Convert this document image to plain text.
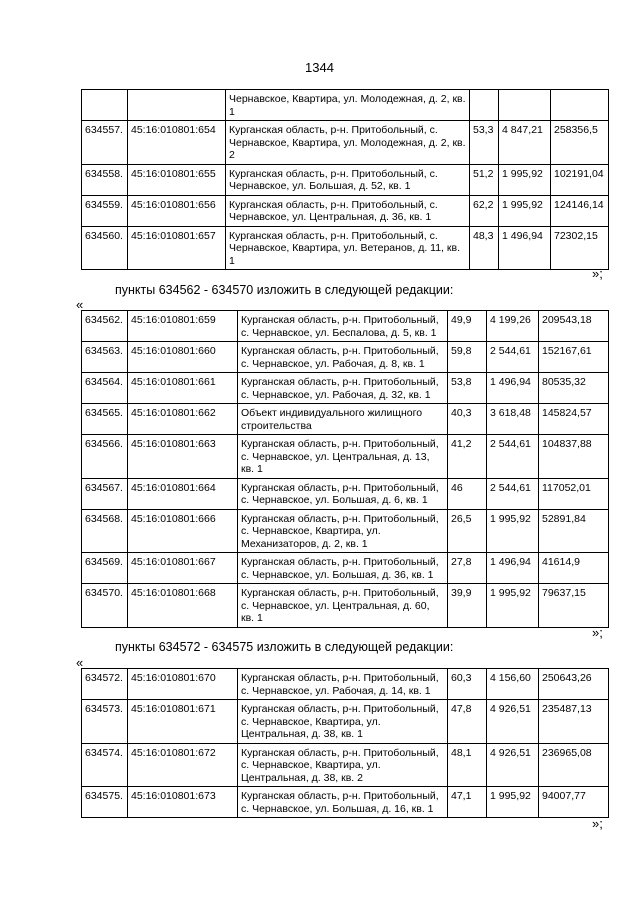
1344
		Чернавское, Квартира, ул. Молодежная, д. 2, кв. 1			
634557.	45:16:010801:654	Курганская область, р-н. Притобольный, с. Чернавское, Квартира, ул. Молодежная, д. 2, кв. 2	53,3	4 847,21	258356,5
634558.	45:16:010801:655	Курганская область, р-н. Притобольный, с. Чернавское, ул. Большая, д. 52, кв. 1	51,2	1 995,92	102191,04
634559.	45:16:010801:656	Курганская область, р-н. Притобольный, с. Чернавское, ул. Центральная, д. 36, кв. 1	62,2	1 995,92	124146,14
634560.	45:16:010801:657	Курганская область, р-н. Притобольный, с. Чернавское, Квартира, ул. Ветеранов, д. 11, кв. 1	48,3	1 496,94	72302,15
»;
пункты 634562 - 634570 изложить в следующей редакции:
«
634562.	45:16:010801:659	Курганская область, р-н. Притобольный, с. Чернавское, ул. Беспалова, д. 5, кв. 1	49,9	4 199,26	209543,18
634563.	45:16:010801:660	Курганская область, р-н. Притобольный, с. Чернавское, ул. Рабочая, д. 8, кв. 1	59,8	2 544,61	152167,61
634564.	45:16:010801:661	Курганская область, р-н. Притобольный, с. Чернавское, ул. Рабочая, д. 32, кв. 1	53,8	1 496,94	80535,32
634565.	45:16:010801:662	Объект индивидуального жилищного строительства	40,3	3 618,48	145824,57
634566.	45:16:010801:663	Курганская область, р-н. Притобольный, с. Чернавское, ул. Центральная, д. 13, кв. 1	41,2	2 544,61	104837,88
634567.	45:16:010801:664	Курганская область, р-н. Притобольный, с. Чернавское, ул. Большая, д. 6, кв. 1	46	2 544,61	117052,01
634568.	45:16:010801:666	Курганская область, р-н. Притобольный, с. Чернавское, Квартира, ул. Механизаторов, д. 2, кв. 1	26,5	1 995,92	52891,84
634569.	45:16:010801:667	Курганская область, р-н. Притобольный, с. Чернавское, ул. Большая, д. 36, кв. 1	27,8	1 496,94	41614,9
634570.	45:16:010801:668	Курганская область, р-н. Притобольный, с. Чернавское, ул. Центральная, д. 60, кв. 1	39,9	1 995,92	79637,15
»;
пункты 634572 - 634575 изложить в следующей редакции:
«
634572.	45:16:010801:670	Курганская область, р-н. Притобольный, с. Чернавское, ул. Рабочая, д. 14, кв. 1	60,3	4 156,60	250643,26
634573.	45:16:010801:671	Курганская область, р-н. Притобольный, с. Чернавское, Квартира, ул. Центральная, д. 38, кв. 1	47,8	4 926,51	235487,13
634574.	45:16:010801:672	Курганская область, р-н. Притобольный, с. Чернавское, Квартира, ул. Центральная, д. 38, кв. 2	48,1	4 926,51	236965,08
634575.	45:16:010801:673	Курганская область, р-н. Притобольный, с. Чернавское, ул. Большая, д. 16, кв. 1	47,1	1 995,92	94007,77
»;
